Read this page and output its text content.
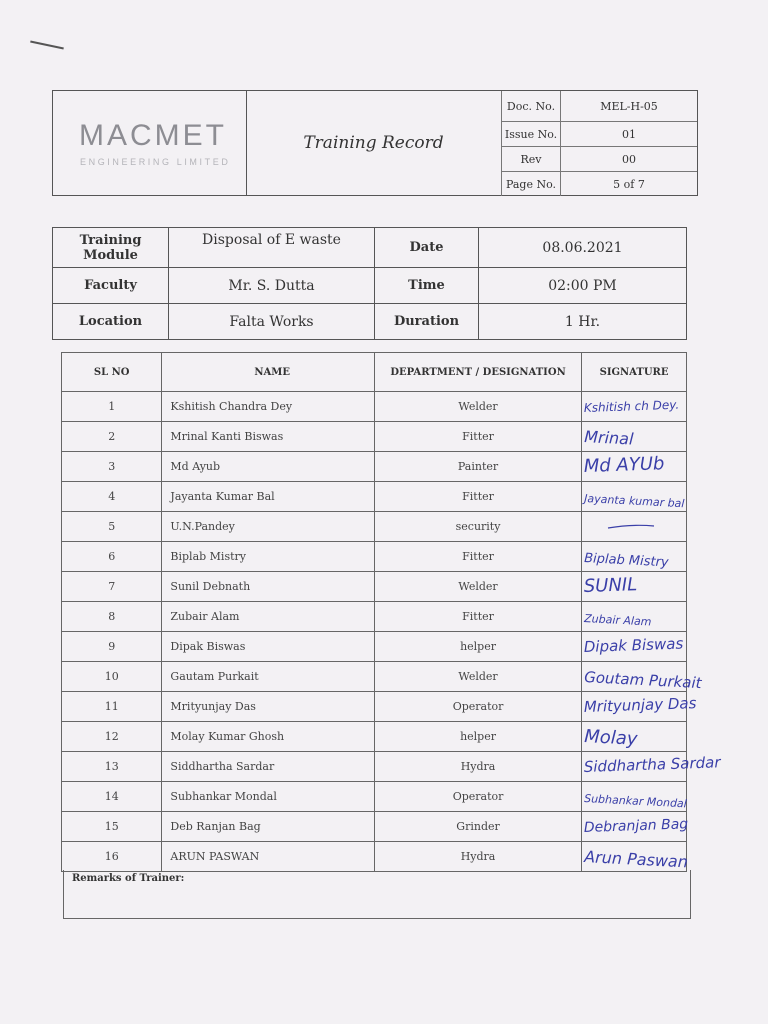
MACMET
ENGINEERING LIMITED
Training Record
Doc. No.	MEL-H-05
Issue No.	01
Rev	00
Page No.	5 of 7
Training Module	Disposal of E waste	Date	08.06.2021
Faculty	Mr. S. Dutta	Time	02:00 PM
Location	Falta Works	Duration	1 Hr.
SL NO	NAME	DEPARTMENT / DESIGNATION	SIGNATURE
1	Kshitish Chandra Dey	Welder	Kshitish ch Dey.

2	Mrinal Kanti Biswas	Fitter	Mrinal

3	Md Ayub	Painter	Md AYUb

4	Jayanta Kumar Bal	Fitter	Jayanta kumar bal

5	U.N.Pandey	security	

6	Biplab Mistry	Fitter	Biplab Mistry

7	Sunil Debnath	Welder	SUNIL

8	Zubair Alam	Fitter	Zubair Alam

9	Dipak Biswas	helper	Dipak Biswas

10	Gautam Purkait	Welder	Goutam Purkait

11	Mrityunjay Das	Operator	Mrityunjay Das

12	Molay Kumar Ghosh	helper	Molay

13	Siddhartha Sardar	Hydra	Siddhartha Sardar

14	Subhankar Mondal	Operator	Subhankar Mondal

15	Deb Ranjan Bag	Grinder	Debranjan Bag

16	ARUN PASWAN	Hydra	Arun Paswan
Remarks of Trainer:
